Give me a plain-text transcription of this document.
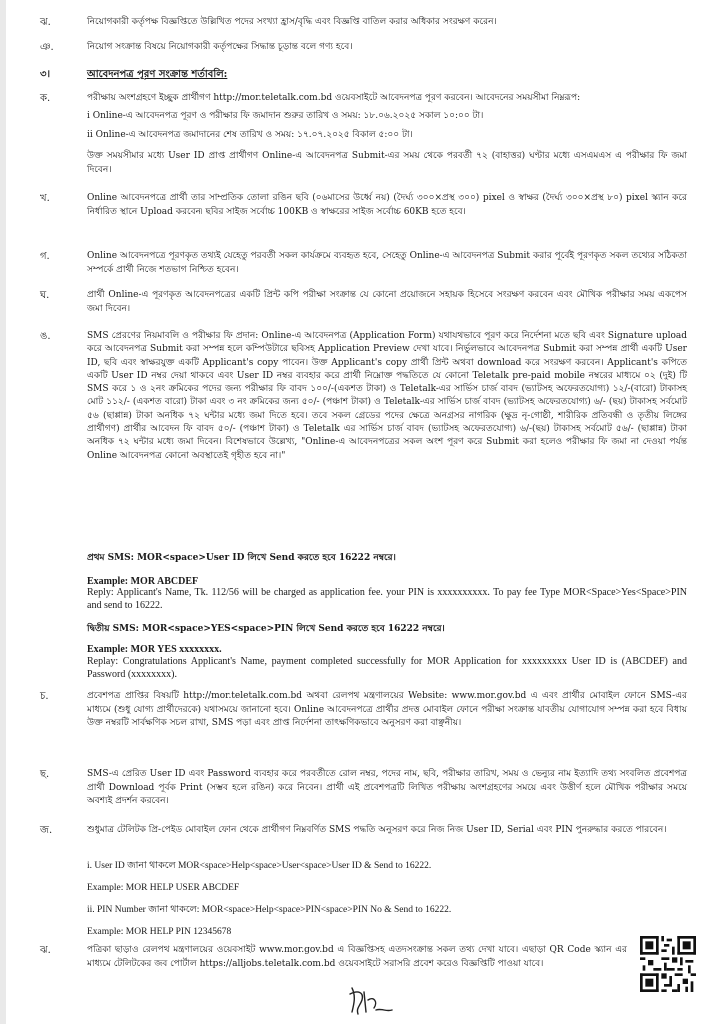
ঝ.	নিয়োগকারী কর্তৃপক্ষ বিজ্ঞপ্তিতে উল্লিখিত পদের সংখ্যা হ্রাস/বৃদ্ধি এবং বিজ্ঞপ্তি বাতিল করার অধিকার সংরক্ষণ করেন।
ঞ.	নিয়োগ সংক্রান্ত বিষয়ে নিয়োগকারী কর্তৃপক্ষের সিদ্ধান্ত চূড়ান্ত বলে গণ্য হবে।
৩।	আবেদনপত্র পূরণ সংক্রান্ত শর্তাবলি:
ক.	পরীক্ষায় অংশগ্রহণে ইচ্ছুক প্রার্থীগণ http://mor.teletalk.com.bd ওয়েবসাইটে আবেদনপত্র পূরণ করবেন। আবেদনের সময়সীমা নিম্নরূপ:
i Online-এ আবেদনপত্র পূরণ ও পরীক্ষার ফি জমাদান শুরুর তারিখ ও সময়: ১৮.০৬.২০২৫ সকাল ১০:০০ টা।
ii Online-এ আবেদনপত্র জমাদানের শেষ তারিখ ও সময়: ১৭.০৭.২০২৫ বিকাল ৫:০০ টা।
উক্ত সময়সীমার মধ্যে User ID প্রাপ্ত প্রার্থীগণ Online-এ আবেদনপত্র Submit-এর সময় থেকে পরবর্তী ৭২ (বাহাত্তর) ঘণ্টার মধ্যে এসএমএস এ পরীক্ষার ফি জমা দিবেন।
খ.	Online আবেদনপত্রে প্রার্থী তার সাম্প্রতিক তোলা রঙিন ছবি (০৬মাসের উর্ধ্বে নয়) (দৈর্ঘ্য ৩০০×প্রস্থ ৩০০) pixel ও স্বাক্ষর (দৈর্ঘ্য ৩০০×প্রস্থ ৮০) pixel স্ক্যান করে নির্ধারিত স্থানে Upload করবেন৷ ছবির সাইজ সর্বোচ্চ 100KB ও স্বাক্ষরের সাইজ সর্বোচ্চ 60KB হতে হবে।
গ.	Online আবেদনপত্রে পূরণকৃত তথ্যই যেহেতু পরবর্তী সকল কার্যক্রমে ব্যবহৃত হবে, সেহেতু Online-এ আবেদনপত্র Submit করার পূর্বেই পূরণকৃত সকল তথ্যের সঠিকতা সম্পর্কে প্রার্থী নিজে শতভাগ নিশ্চিত হবেন।
ঘ.	প্রার্থী Online-এ পূরণকৃত আবেদনপত্রের একটি প্রিন্ট কপি পরীক্ষা সংক্রান্ত যে কোনো প্রয়োজনে সহায়ক হিসেবে সংরক্ষণ করবেন এবং মৌখিক পরীক্ষার সময় একপেস জমা দিবেন।
ঙ.	SMS প্রেরণের নিয়মাবলি ও পরীক্ষার ফি প্রদান: Online-এ আবেদনপত্র (Application Form) যথাযথভাবে পূরণ করে নির্দেশনা মতে ছবি এবং Signature upload করে আবেদনপত্র Submit করা সম্পন্ন হলে কম্পিউটারে ছবিসহ Application Preview দেখা যাবে। নির্ভুলভাবে আবেদনপত্র Submit করা সম্পন্ন প্রার্থী একটি User ID, ছবি এবং স্বাক্ষরযুক্ত একটি Applicant's copy পাবেন। উক্ত Applicant's copy প্রার্থী প্রিন্ট অথবা download করে সংরক্ষণ করবেন। Applicant's কপিতে একটি User ID নম্বর দেয়া থাকবে এবং User ID নম্বর ব্যবহার করে প্রার্থী নিম্নোক্ত পদ্ধতিতে যে কোনো Teletalk pre-paid mobile নম্বরের মাধ্যমে ০২ (দুই) টি SMS করে ১ ও ২নং ক্রমিকের পদের জন্য পরীক্ষার ফি বাবদ ১০০/-(একশত টাকা) ও Teletalk-এর সার্ভিস চার্জ বাবদ (ভ্যাটসহ অফেরতযোগ্য) ১২/-(বারো) টাকাসহ মোট ১১২/- (একশত বারো) টাকা এবং ৩ নং ক্রমিকের জন্য ৫০/- (পঞ্চাশ টাকা) ও Teletalk-এর সার্ভিস চার্জ বাবদ (ভ্যাটসহ অফেরতযোগ্য) ৬/- (ছয়) টাকাসহ সর্বমোট ৫৬ (ছাপ্পান্ন) টাকা অনধিক ৭২ ঘন্টার মধ্যে জমা দিতে হবে। তবে সকল গ্রেডের পদের ক্ষেত্রে অনগ্রসর নাগরিক (ক্ষুদ্র নৃ-গোষ্ঠী, শারীরিক প্রতিবন্ধী ও তৃতীয় লিঙ্গের প্রার্থীগণ) প্রার্থীর আবেদন ফি বাবদ ৫০/- (পঞ্চাশ টাকা) ও Teletalk এর সার্ভিস চার্জ বাবদ (ভ্যাটসহ অফেরতযোগ্য) ৬/-(ছয়) টাকাসহ সর্বমোট ৫৬/- (ছাপ্পান্ন) টাকা অনধিক ৭২ ঘন্টার মধ্যে জমা দিবেন। বিশেষভাবে উল্লেখ্য, "Online-এ আবেদনপত্রের সকল অংশ পূরণ করে Submit করা হলেও পরীক্ষার ফি জমা না দেওয়া পর্যন্ত Online আবেদনপত্র কোনো অবস্থাতেই গৃহীত হবে না।"
প্রথম SMS: MOR<space>User ID লিখে Send করতে হবে 16222 নম্বরে।
Example: MOR ABCDEF
Reply: Applicant's Name, Tk. 112/56 will be charged as application fee. your PIN is xxxxxxxxxx. To pay fee Type MOR<Space>Yes<Space>PIN and send to 16222.
দ্বিতীয় SMS: MOR<space>YES<space>PIN লিখে Send করতে হবে 16222 নম্বরে।
Example: MOR YES xxxxxxxx.
Replay: Congratulations Applicant's Name, payment completed successfully for MOR Application for xxxxxxxxx User ID is (ABCDEF) and Password (xxxxxxxx).
চ.	প্রবেশপত্র প্রাপ্তির বিষয়টি http://mor.teletalk.com.bd অথবা রেলপথ মন্ত্রণালয়ের Website: www.mor.gov.bd এ এবং প্রার্থীর মোবাইল ফোনে SMS-এর মাধ্যমে (শুধু যোগ্য প্রার্থীদেরকে) যথাসময়ে জানানো হবে। Online আবেদনপত্রে প্রার্থীর প্রদত্ত মোবাইল ফোনে পরীক্ষা সংক্রান্ত যাবতীয় যোগাযোগ সম্পন্ন করা হবে বিধায় উক্ত নম্বরটি সার্বক্ষণিক সচল রাখা, SMS পড়া এবং প্রাপ্ত নির্দেশনা তাৎক্ষণিকভাবে অনুসরণ করা বাঞ্ছনীয়।
ছ.	SMS-এ প্রেরিত User ID এবং Password ব্যবহার করে পরবর্তীতে রোল নম্বর, পদের নাম, ছবি, পরীক্ষার তারিখ, সময় ও ভেন্যুর নাম ইত্যাদি তথ্য সংবলিত প্রবেশপত্র প্রার্থী Download পূর্বক Print (সম্ভব হলে রঙিন) করে নিবেন। প্রার্থী এই প্রবেশপত্রটি লিখিত পরীক্ষায় অংশগ্রহণের সময়ে এবং উত্তীর্ণ হলে মৌখিক পরীক্ষার সময়ে অবশ্যই প্রদর্শন করবেন।
জ.	শুধুমাত্র টেলিটক প্রি-পেইড মোবাইল ফোন থেকে প্রার্থীগণ নিম্নবর্ণিত SMS পদ্ধতি অনুসরণ করে নিজ নিজ User ID, Serial এবং PIN পুনরুদ্ধার করতে পারবেন।
i. User ID জানা থাকলে MOR<space>Help<space>User<space>User ID & Send to 16222.
Example: MOR HELP USER ABCDEF
ii. PIN Number জানা থাকলে: MOR<space>Help<space>PIN<space>PIN No & Send to 16222.
Example: MOR HELP PIN 12345678
ঝ.	পত্রিকা ছাড়াও রেলপথ মন্ত্রণালয়ের ওয়েবসাইট www.mor.gov.bd এ বিজ্ঞপ্তিসহ এতদসংক্রান্ত সকল তথ্য দেখা যাবে। এছাড়া QR Code স্ক্যান এর মাধ্যমে টেলিটকের জব পোর্টাল https://alljobs.teletalk.com.bd ওয়েবসাইটে সরাসরি প্রবেশ করেও বিজ্ঞপ্তিটি পাওয়া যাবে।
